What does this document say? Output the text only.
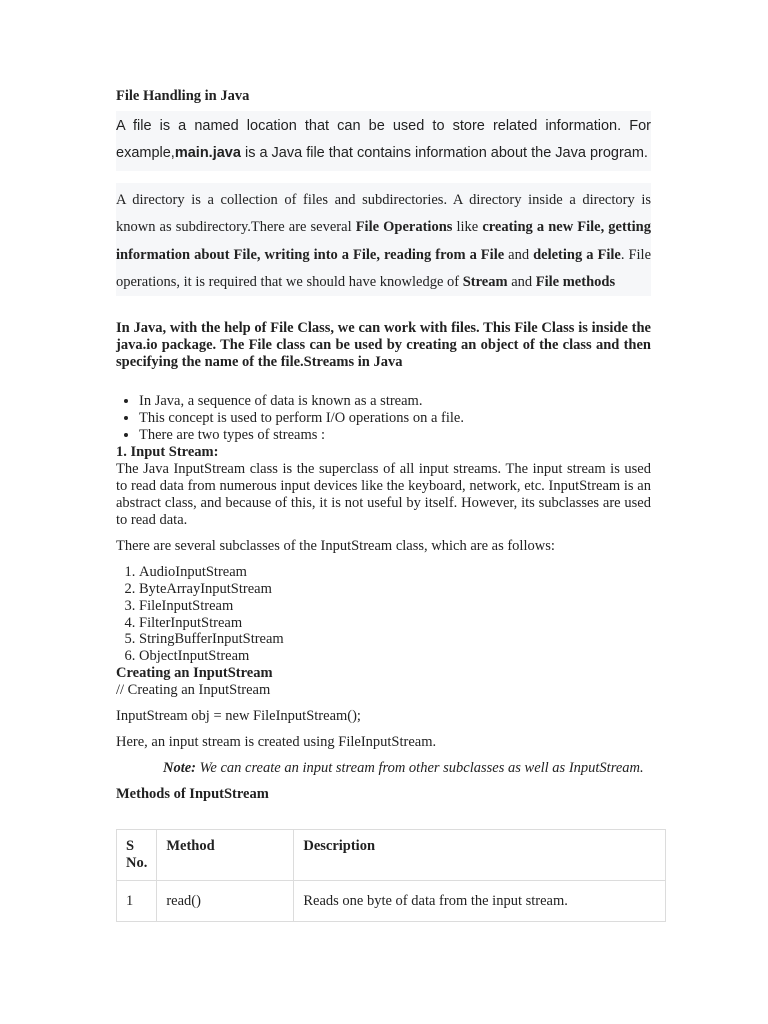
File Handling in Java

A file is a named location that can be used to store related information. For example,main.java is a Java file that contains information about the Java program.

A directory is a collection of files and subdirectories. A directory inside a directory is known as subdirectory.There are several File Operations like creating a new File, getting information about File, writing into a File, reading from a File and deleting a File. File operations, it is required that we should have knowledge of Stream and File methods

In Java, with the help of File Class, we can work with files. This File Class is inside the java.io package. The File class can be used by creating an object of the class and then specifying the name of the file.Streams in Java

• In Java, a sequence of data is known as a stream.
• This concept is used to perform I/O operations on a file.
• There are two types of streams :

1. Input Stream:

The Java InputStream class is the superclass of all input streams. The input stream is used to read data from numerous input devices like the keyboard, network, etc. InputStream is an abstract class, and because of this, it is not useful by itself. However, its subclasses are used to read data.

There are several subclasses of the InputStream class, which are as follows:

1. AudioInputStream
2. ByteArrayInputStream
3. FileInputStream
4. FilterInputStream
5. StringBufferInputStream
6. ObjectInputStream

Creating an InputStream

// Creating an InputStream

InputStream obj = new FileInputStream();

Here, an input stream is created using FileInputStream.

Note: We can create an input stream from other subclasses as well as InputStream.

Methods of InputStream

S No.	Method	Description
1	read()	Reads one byte of data from the input stream.
